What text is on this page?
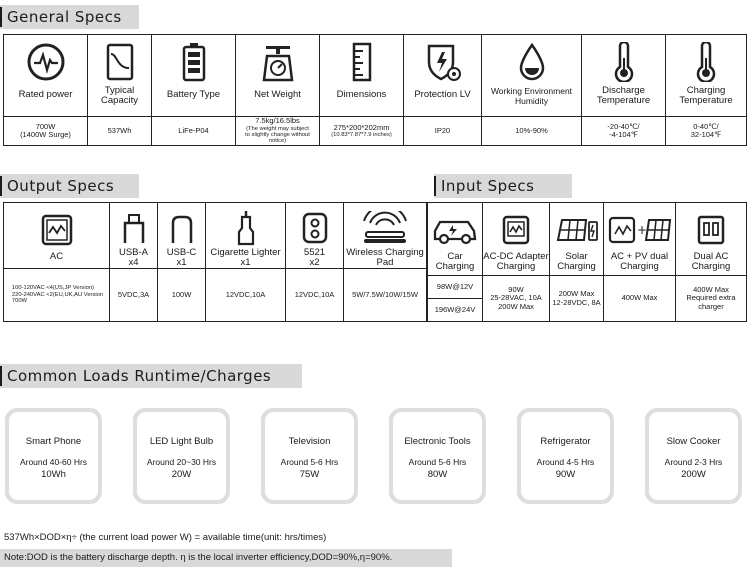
General Specs
Rated power
700W
(1400W Surge)
Typical
Capacity
537Wh
Battery Type
LiFe-P04
Net Weight
7.5kg/16.5lbs
(The weight may subject
to slightly change without
notice)
Dimensions
275*200*202mm
(10.83*7.87*7.9 inches)
Protection LV
IP20
Working Environment
Humidity
10%-90%
Discharge
Temperature
-20-40℃/
-4-104℉
Charging
Temperature
0-40℃/
32-104℉
Output Specs	Input Specs
AC
100-120VAC <4(US,JP Version)
220-240VAC <2(EU,UK,AU Version
700W
USB-A
x4
5VDC,3A
USB-C
x1
100W
Cigarette Lighter
x1
12VDC,10A
5521
x2
12VDC,10A
Wireless Charging
Pad
5W/7.5W/10W/15W
Car
Charging
98W@12V
196W@24V
AC-DC Adapter
Charging
90W
25-28VAC, 10A
200W Max
Solar
Charging
200W Max
12-28VDC, 8A
+
AC + PV dual
Charging
400W Max
Dual AC
Charging
400W Max
Required extra
charger
Common Loads Runtime/Charges
Smart Phone
Around 40-60 Hrs
10Wh
LED Light Bulb
Around 20~30 Hrs
20W
Television
Around 5-6 Hrs
75W
Electronic Tools
Around 5-6 Hrs
80W
Refrigerator
Around 4-5 Hrs
90W
Slow Cooker
Around 2-3 Hrs
200W
537Wh×DOD×η÷ (the current load power W) = available time(unit: hrs/times)
Note:DOD is the battery discharge depth. η is the local inverter efficiency,DOD=90%,η=90%.
